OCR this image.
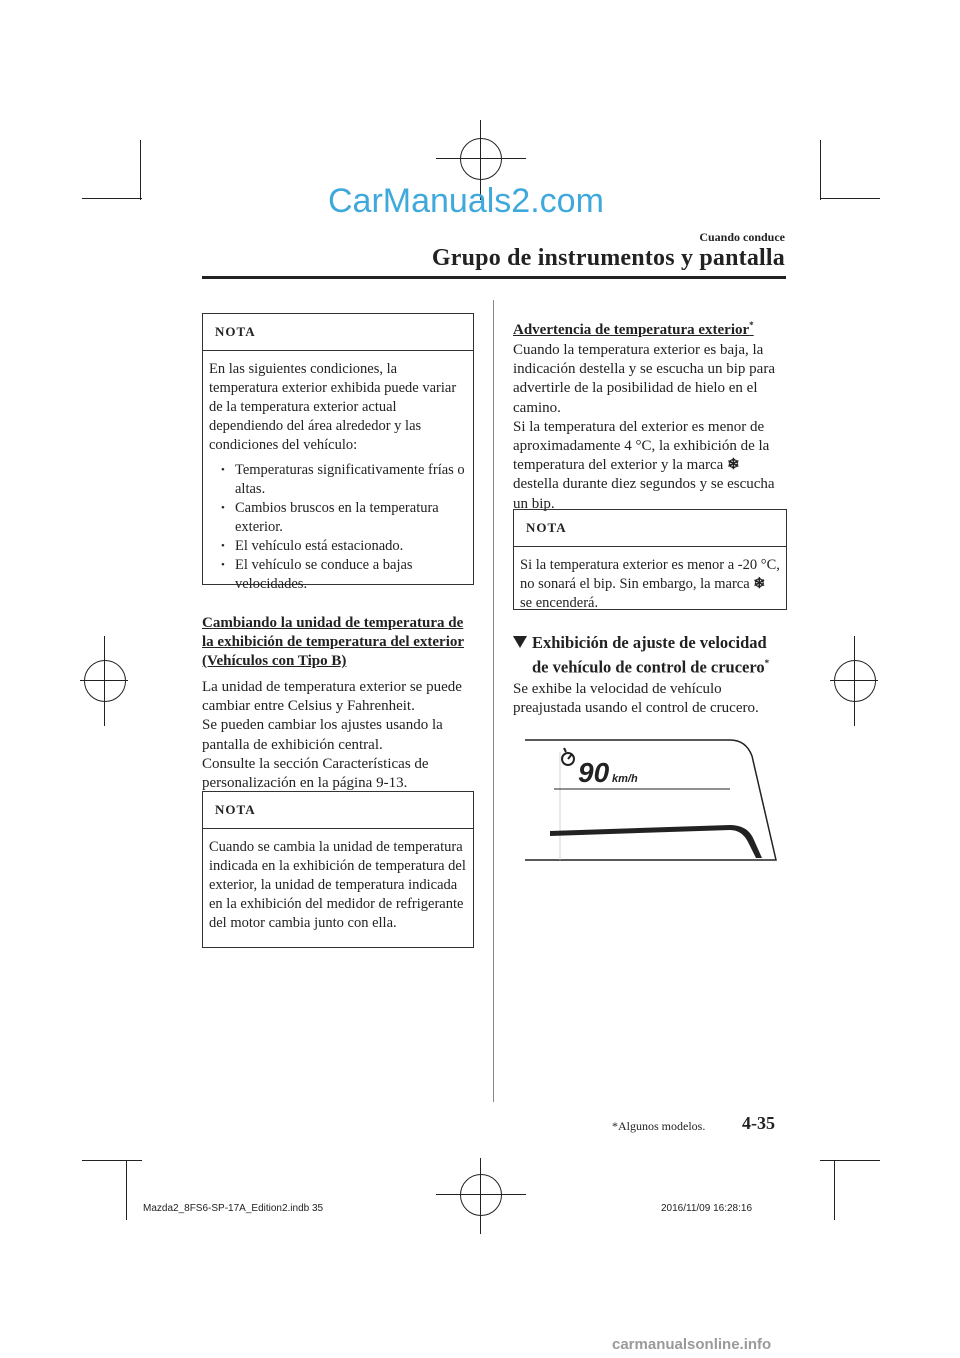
CarManuals2.com
Cuando conduce
Grupo de instrumentos y pantalla
NOTA
En las siguientes condiciones, la temperatura exterior exhibida puede variar de la temperatura exterior actual dependiendo del área alrededor y las condiciones del vehículo:
• Temperaturas significativamente frías o altas.
• Cambios bruscos en la temperatura exterior.
• El vehículo está estacionado.
• El vehículo se conduce a bajas velocidades.
Cambiando la unidad de temperatura de la exhibición de temperatura del exterior (Vehículos con Tipo B)
La unidad de temperatura exterior se puede cambiar entre Celsius y Fahrenheit.
Se pueden cambiar los ajustes usando la pantalla de exhibición central.
Consulte la sección Características de personalización en la página 9-13.
NOTA
Cuando se cambia la unidad de temperatura indicada en la exhibición de temperatura del exterior, la unidad de temperatura indicada en la exhibición del medidor de refrigerante del motor cambia junto con ella.
Advertencia de temperatura exterior*
Cuando la temperatura exterior es baja, la indicación destella y se escucha un bip para advertirle de la posibilidad de hielo en el camino.
Si la temperatura del exterior es menor de aproximadamente 4 °C, la exhibición de la temperatura del exterior y la marca ❄
destella durante diez segundos y se escucha un bip.
NOTA
Si la temperatura exterior es menor a -20 °C, no sonará el bip. Sin embargo, la marca ❄ se encenderá.
Exhibición de ajuste de velocidad
de vehículo de control de crucero*
Se exhibe la velocidad de vehículo preajustada usando el control de crucero.
90 km/h
*Algunos modelos. 4-35
Mazda2_8FS6-SP-17A_Edition2.indb 35	2016/11/09 16:28:16
carmanualsonline.info
